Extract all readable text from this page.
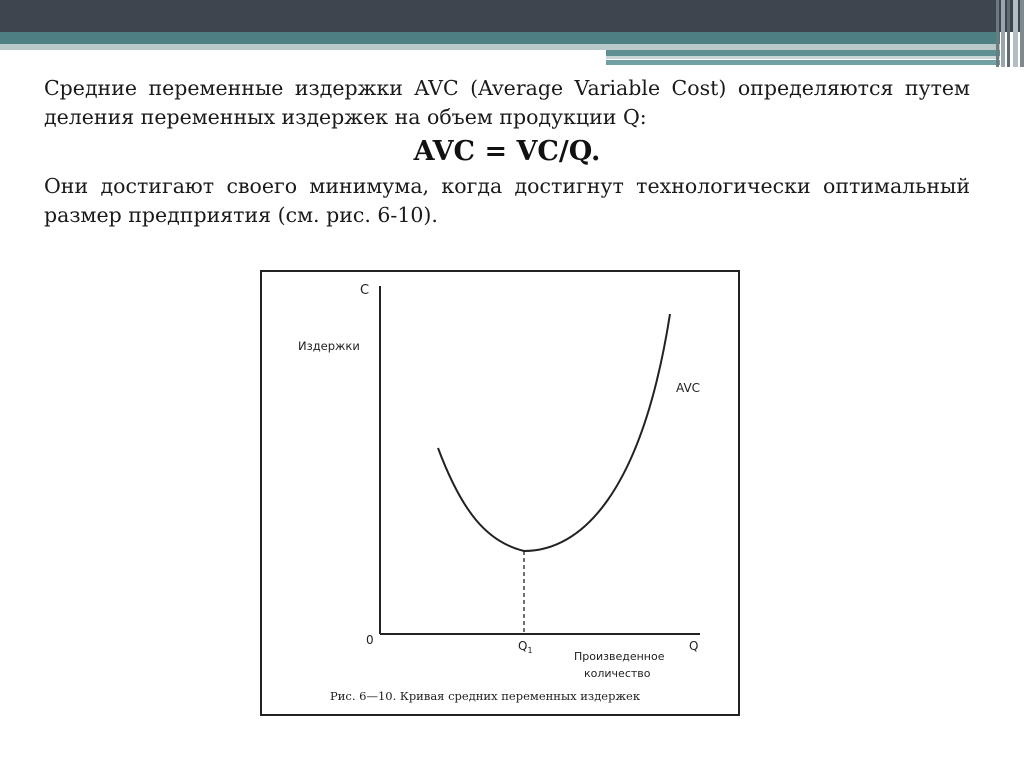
Средние переменные издержки AVC (Average Variable Cost) определяются путем деления переменных издержек на объем продукции Q:

AVC = VC/Q.

Они достигают своего минимума, когда достигнут технологически оптимальный размер предприятия (см. рис. 6-10).

C
Издержки
AVC
0	Q
$Q_1$	Произведенное
количество
Рис. 6—10. Кривая средних переменных издержек
